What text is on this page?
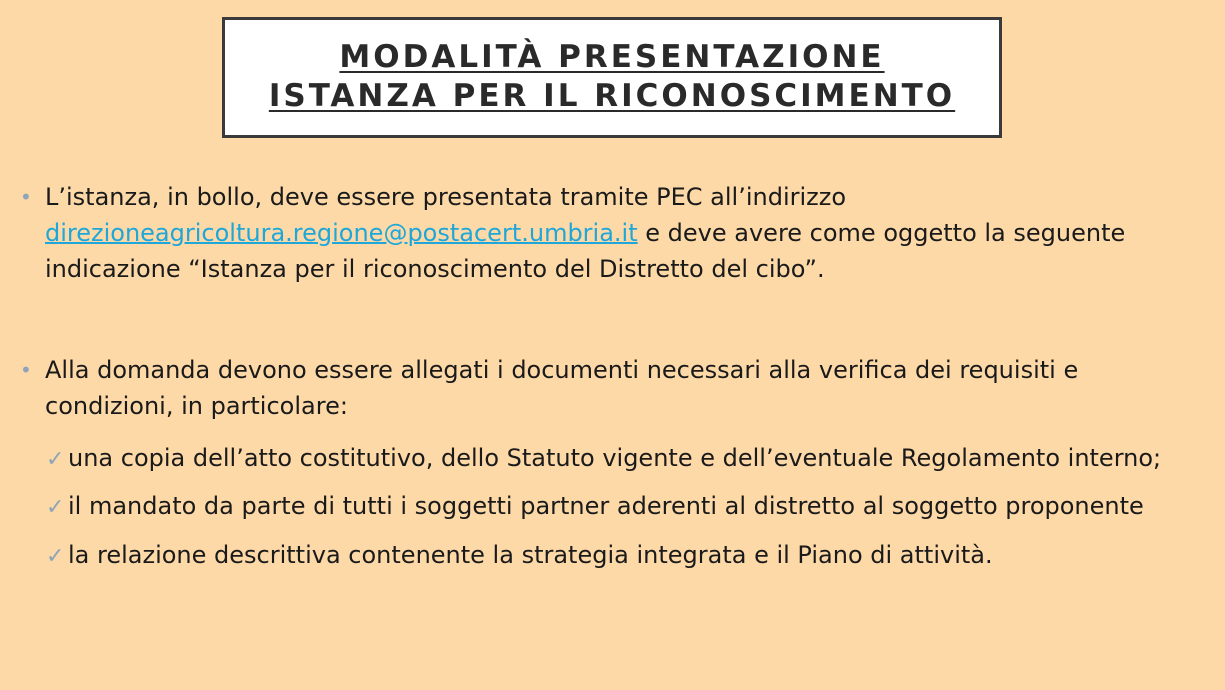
MODALITÀ PRESENTAZIONE
ISTANZA PER IL RICONOSCIMENTO
• L’istanza, in bollo, deve essere presentata tramite PEC all’indirizzo
direzioneagricoltura.regione@postacert.umbria.it e deve avere come oggetto la seguente indicazione “Istanza per il riconoscimento del Distretto del cibo”.
• Alla domanda devono essere allegati i documenti necessari alla verifica dei requisiti e condizioni, in particolare:
✓ una copia dell’atto costitutivo, dello Statuto vigente e dell’eventuale Regolamento interno;
✓ il mandato da parte di tutti i soggetti partner aderenti al distretto al soggetto proponente
✓ la relazione descrittiva contenente la strategia integrata e il Piano di attività.
